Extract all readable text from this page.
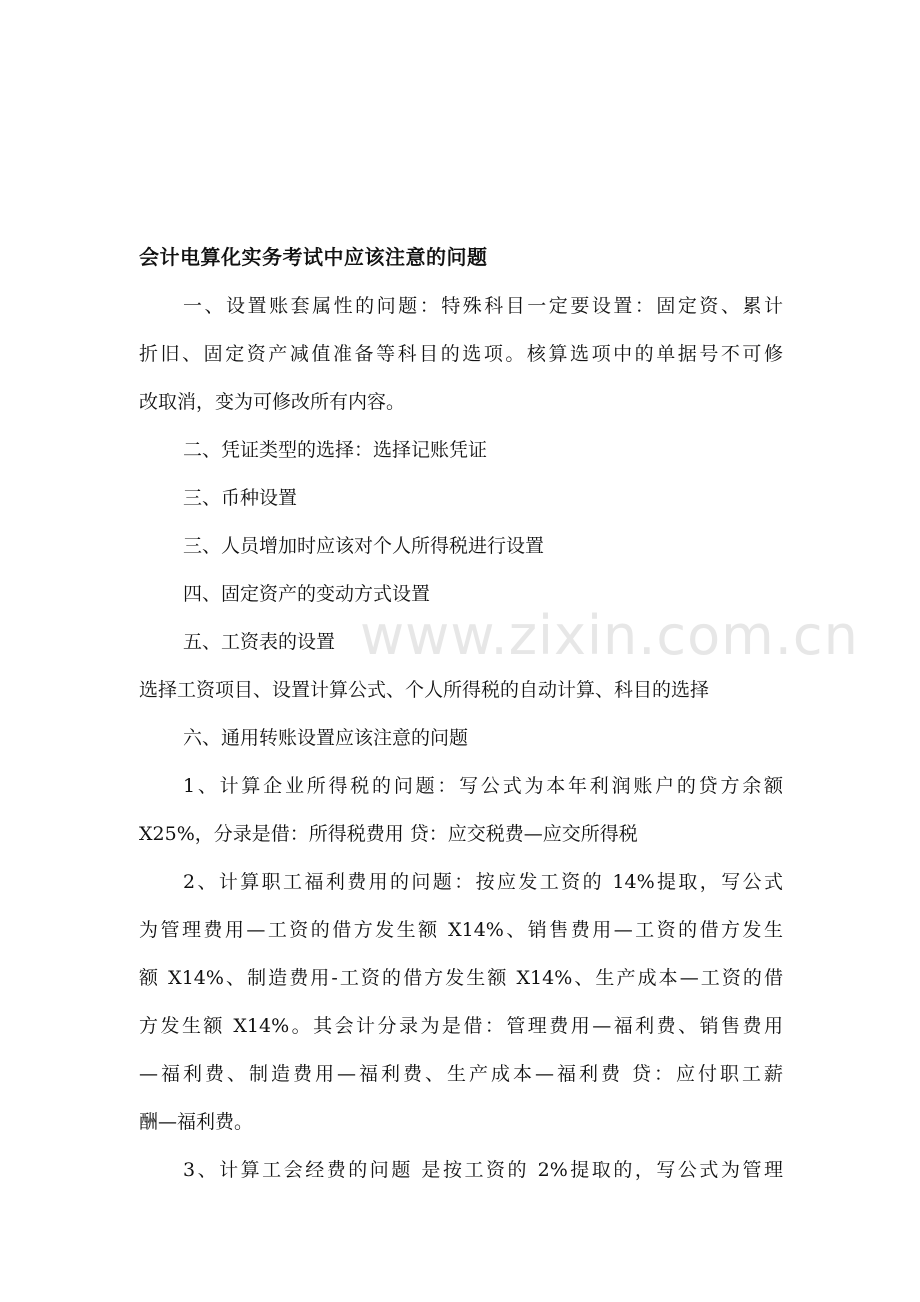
www.zixin.com.cn
会计电算化实务考试中应该注意的问题
一、设置账套属性的问题：特殊科目一定要设置：固定资、累计
折旧、固定资产减值准备等科目的选项。核算选项中的单据号不可修
改取消，变为可修改所有内容。
二、凭证类型的选择：选择记账凭证
三、币种设置
三、人员增加时应该对个人所得税进行设置
四、固定资产的变动方式设置
五、工资表的设置
选择工资项目、设置计算公式、个人所得税的自动计算、科目的选择
六、通用转账设置应该注意的问题
1、计算企业所得税的问题：写公式为本年利润账户的贷方余额
X25%，分录是借：所得税费用 贷：应交税费—应交所得税
2、计算职工福利费用的问题：按应发工资的 14%提取，写公式
为管理费用—工资的借方发生额 X14%、销售费用—工资的借方发生
额 X14%、制造费用-工资的借方发生额 X14%、生产成本—工资的借
方发生额 X14%。其会计分录为是借：管理费用—福利费、销售费用
—福利费、制造费用—福利费、生产成本—福利费 贷：应付职工薪
酬—福利费。
3、计算工会经费的问题 是按工资的 2%提取的，写公式为管理
